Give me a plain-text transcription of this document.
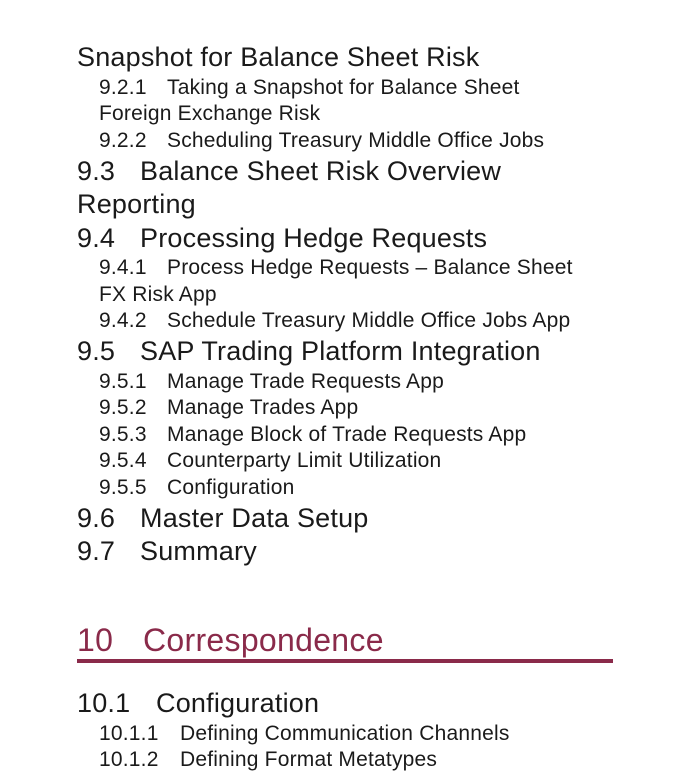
Snapshot for Balance Sheet Risk
9.2.1 Taking a Snapshot for Balance Sheet
Foreign Exchange Risk
9.2.2 Scheduling Treasury Middle Office Jobs
9.3 Balance Sheet Risk Overview
Reporting
9.4 Processing Hedge Requests
9.4.1 Process Hedge Requests – Balance Sheet
FX Risk App
9.4.2 Schedule Treasury Middle Office Jobs App
9.5 SAP Trading Platform Integration
9.5.1 Manage Trade Requests App
9.5.2 Manage Trades App
9.5.3 Manage Block of Trade Requests App
9.5.4 Counterparty Limit Utilization
9.5.5 Configuration
9.6 Master Data Setup
9.7 Summary
10 Correspondence
10.1 Configuration
10.1.1 Defining Communication Channels
10.1.2 Defining Format Metatypes
